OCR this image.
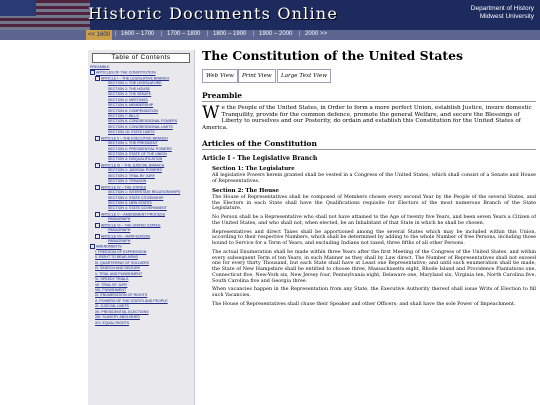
Historic Documents Online	Department of History
Midwest University
<< 1600 | 1600 – 1700 | 1700 – 1800 | 1800 – 1900 | 1900 – 2000 | 2000 >>
Table of Contents
PREAMBLE
ARTICLES OF THE CONSTITUTION
ARTICLE I – THE LEGISLATIVE BRANCH
SECTION 1: THE LEGISLATURE
SECTION 2: THE HOUSE
SECTION 3: THE SENATE
SECTION 4: MEETINGS
SECTION 5: MEMBERSHIP
SECTION 6: COMPENSATION
SECTION 7: BILLS
SECTION 8: CONGRESSIONAL POWERS
SECTION 9: CONGRESSIONAL LIMITS
SECTION 10: STATE LIMITS
ARTICLE II – THE EXECUTIVE BRANCH
SECTION 1: THE PRESIDENT
SECTION 2: PRESIDENTIAL POWERS
SECTION 3: STATE OF THE UNION
SECTION 4: DISQUALIFICATION
ARTICLE III – THE JUDICIAL BRANCH
SECTION 1: JUDICIAL POWERS
SECTION 2: TRIAL BY JURY
SECTION 3: TREASON
ARTICLE IV – THE STATES
SECTION 1: INTERSTATE RELATIONSHIPS
SECTION 2: STATE CITIZENSHIP
SECTION 3: NEW STATES
SECTION 4: STATE GOVERNMENT
ARTICLE V – AMENDMENT PROCESS
PARAGRAPH
ARTICLE VI – THE UNITED STATES
PARAGRAPH
ARTICLE VII – RATIFICATION
PARAGRAPH
AMENDMENTS
I. FREEDOM OF EXPRESSION
II. RIGHT TO BEAR ARMS
III. QUARTERING OF SOLDIERS
IV. SEARCH AND SEIZURE
V. TRIAL AND PUNISHMENT
VI. SPEEDY TRIALS
VII. TRIAL BY JURY
VIII. PUNISHMENT
IX. ENUMERATION OF RIGHTS
X. POWERS OF THE STATES AND PEOPLE
XI. JUDICIAL LIMITS
XII. PRESIDENTIAL ELECTIONS
XIII. SLAVERY ABOLISHED
XIV. EQUAL RIGHTS
The Constitution of the United States
Web View	Print View	Large Text View
Preamble
We the People of the United States, in Order to form a more perfect Union, establish Justice, insure domestic Tranquility, provide for the common defence, promote the general Welfare, and secure the Blessings of Liberty to ourselves and our Posterity, do ordain and establish this Constitution for the United States of America.
Articles of the Constitution
Article I - The Legislative Branch
Section 1: The Legislature
All legislative Powers herein granted shall be vested in a Congress of the United States, which shall consist of a Senate and House of Representatives.
Section 2: The House
The House of Representatives shall be composed of Members chosen every second Year by the People of the several States, and the Electors in each State shall have the Qualifications requisite for Electors of the most numerous Branch of the State Legislature.
No Person shall be a Representative who shall not have attained to the Age of twenty five Years, and been seven Years a Citizen of the United States, and who shall not, when elected, be an Inhabitant of that State in which he shall be chosen.
Representatives and direct Taxes shall be apportioned among the several States which may be included within this Union, according to their respective Numbers, which shall be determined by adding to the whole Number of free Persons, including those bound to Service for a Term of Years, and excluding Indians not taxed, three fifths of all other Persons.
The actual Enumeration shall be made within three Years after the first Meeting of the Congress of the United States, and within every subsequent Term of ten Years, in such Manner as they shall by Law direct. The Number of Representatives shall not exceed one for every thirty Thousand, but each State shall have at Least one Representative; and until such enumeration shall be made, the State of New Hampshire shall be entitled to choose three, Massachusetts eight, Rhode Island and Providence Plantations one, Connecticut five, New-York six, New Jersey four, Pennsylvania eight, Delaware one, Maryland six, Virginia ten, North Carolina five, South Carolina five and Georgia three.
When vacancies happen in the Representation from any State, the Executive Authority thereof shall issue Writs of Election to fill such Vacancies.
The House of Representatives shall chuse their Speaker and other Officers; and shall have the sole Power of Impeachment.
